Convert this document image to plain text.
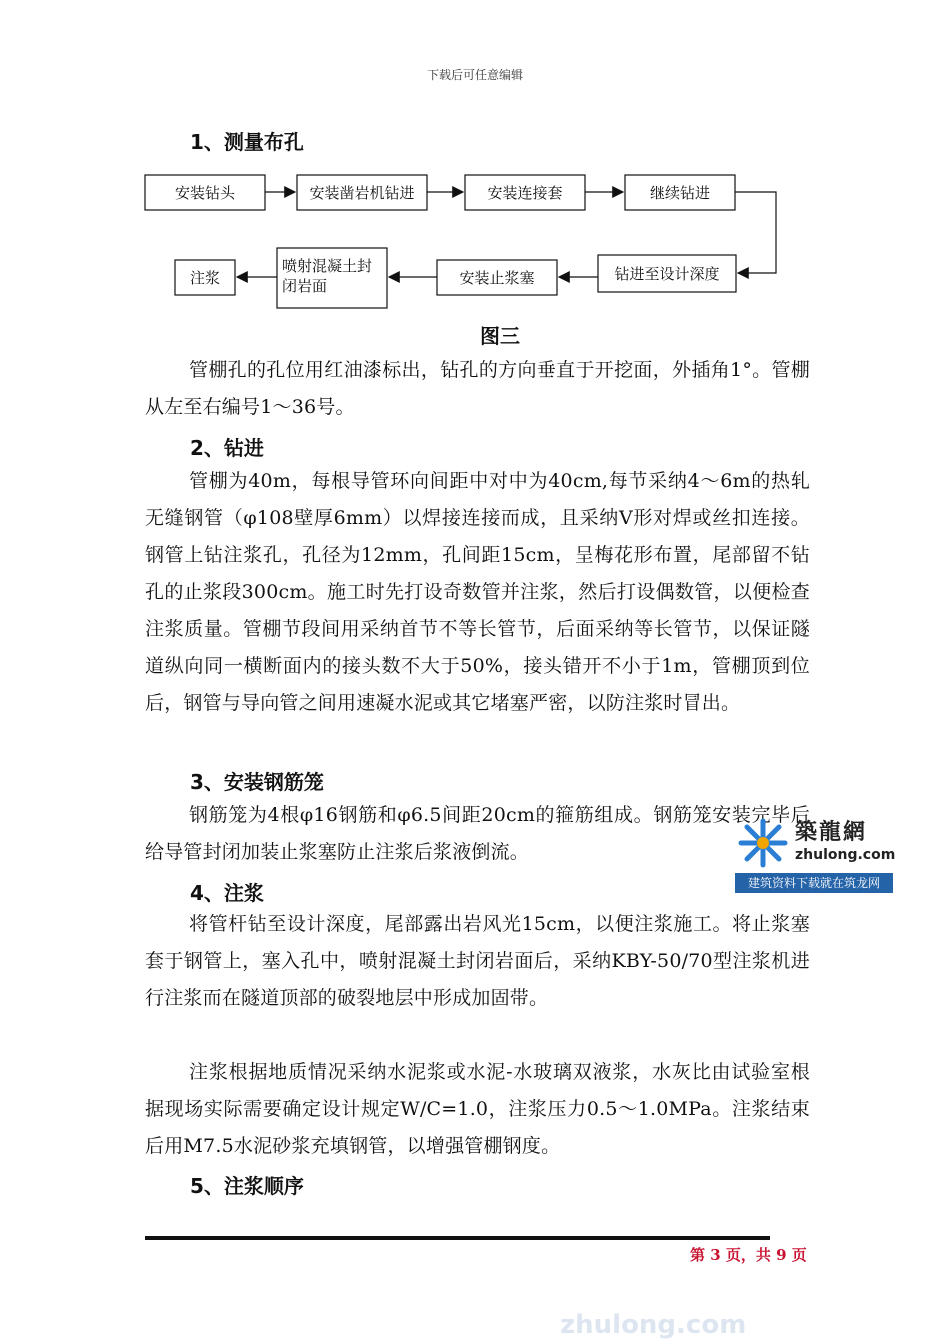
下载后可任意编辑
1、测量布孔
安装钻头	安装凿岩机钻进	安装连接套	继续钻进
钻进至设计深度
安装止浆塞
喷射混凝土封
闭岩面
注浆
图三
管棚孔的孔位用红油漆标出，钻孔的方向垂直于开挖面，外插角1°。管棚从左至右编号1～36号。
2、钻进
管棚为40m，每根导管环向间距中对中为40cm,每节采纳4～6m的热轧无缝钢管（φ108壁厚6mm）以焊接连接而成，且采纳V形对焊或丝扣连接。钢管上钻注浆孔，孔径为12mm，孔间距15cm，呈梅花形布置，尾部留不钻孔的止浆段300cm。施工时先打设奇数管并注浆，然后打设偶数管，以便检查注浆质量。管棚节段间用采纳首节不等长管节，后面采纳等长管节，以保证隧道纵向同一横断面内的接头数不大于50%，接头错开不小于1m，管棚顶到位后，钢管与导向管之间用速凝水泥或其它堵塞严密，以防注浆时冒出。
3、安装钢筋笼
钢筋笼为4根φ16钢筋和φ6.5间距20cm的箍筋组成。钢筋笼安装完毕后给导管封闭加装止浆塞防止注浆后浆液倒流。
4、注浆
将管杆钻至设计深度，尾部露出岩风光15cm，以便注浆施工。将止浆塞套于钢管上，塞入孔中，喷射混凝土封闭岩面后，采纳KBY-50/70型注浆机进行注浆而在隧道顶部的破裂地层中形成加固带。
注浆根据地质情况采纳水泥浆或水泥-水玻璃双液浆，水灰比由试验室根据现场实际需要确定设计规定W/C=1.0，注浆压力0.5～1.0MPa。注浆结束后用M7.5水泥砂浆充填钢管，以增强管棚钢度。
5、注浆顺序
築龍網
zhulong.com
建筑资料下载就在筑龙网
第 3 页，共 9 页
zhulong.com
